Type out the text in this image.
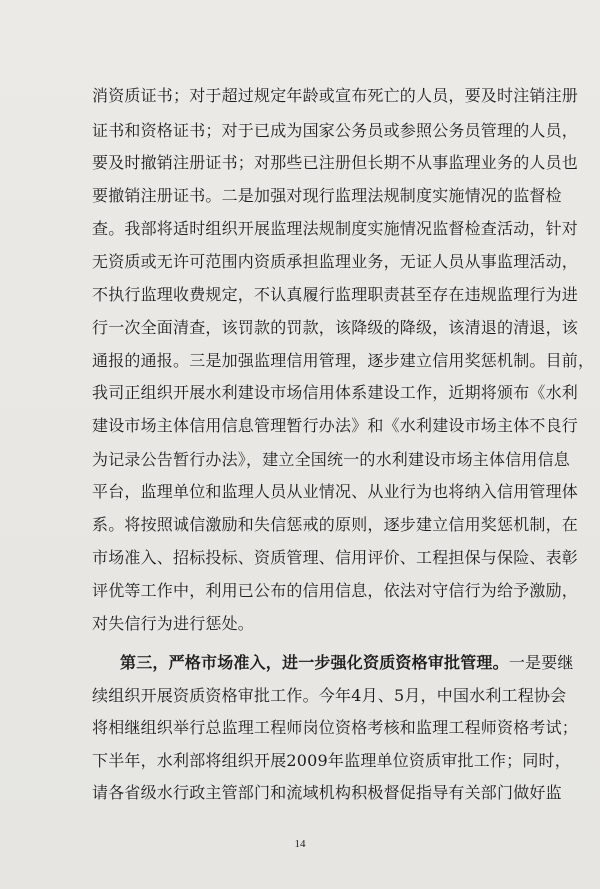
消资质证书；对于超过规定年龄或宣布死亡的人员，要及时注销注册
证书和资格证书；对于已成为国家公务员或参照公务员管理的人员，
要及时撤销注册证书；对那些已注册但长期不从事监理业务的人员也
要撤销注册证书。二是加强对现行监理法规制度实施情况的监督检
查。我部将适时组织开展监理法规制度实施情况监督检查活动，针对
无资质或无许可范围内资质承担监理业务，无证人员从事监理活动，
不执行监理收费规定，不认真履行监理职责甚至存在违规监理行为进
行一次全面清查，该罚款的罚款，该降级的降级，该清退的清退，该
通报的通报。三是加强监理信用管理，逐步建立信用奖惩机制。目前，
我司正组织开展水利建设市场信用体系建设工作，近期将颁布《水利
建设市场主体信用信息管理暂行办法》和《水利建设市场主体不良行
为记录公告暂行办法》，建立全国统一的水利建设市场主体信用信息
平台，监理单位和监理人员从业情况、从业行为也将纳入信用管理体
系。将按照诚信激励和失信惩戒的原则，逐步建立信用奖惩机制，在
市场准入、招标投标、资质管理、信用评价、工程担保与保险、表彰
评优等工作中，利用已公布的信用信息，依法对守信行为给予激励，
对失信行为进行惩处。
第三，严格市场准入，进一步强化资质资格审批管理。一是要继
续组织开展资质资格审批工作。今年4月、5月，中国水利工程协会
将相继组织举行总监理工程师岗位资格考核和监理工程师资格考试；
下半年，水利部将组织开展2009年监理单位资质审批工作；同时，
请各省级水行政主管部门和流域机构积极督促指导有关部门做好监
14
